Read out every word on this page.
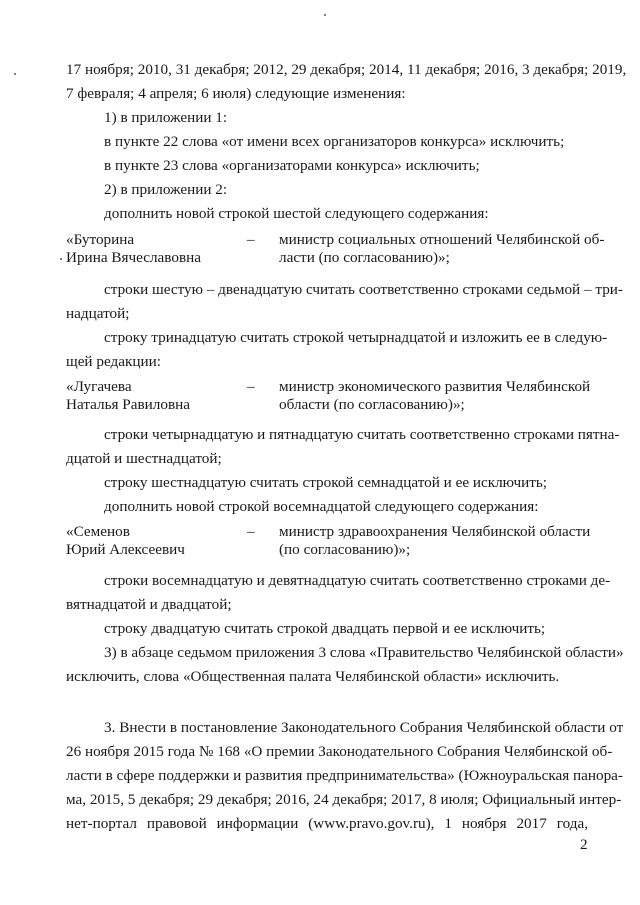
17 ноября; 2010, 31 декабря; 2012, 29 декабря; 2014, 11 декабря; 2016, 3 декабря; 2019,
7 февраля; 4 апреля; 6 июля) следующие изменения:
1) в приложении 1:
в пункте 22 слова «от имени всех организаторов конкурса» исключить;
в пункте 23 слова «организаторами конкурса» исключить;
2) в приложении 2:
дополнить новой строкой шестой следующего содержания:
«Буторина
Ирина Вячеславовна
– министр социальных отношений Челябинской об-
ласти (по согласованию)»;
строки шестую – двенадцатую считать соответственно строками седьмой – три-
надцатой;
строку тринадцатую считать строкой четырнадцатой и изложить ее в следую-
щей редакции:
«Лугачева
Наталья Равиловна
– министр экономического развития Челябинской
области (по согласованию)»;
строки четырнадцатую и пятнадцатую считать соответственно строками пятна-
дцатой и шестнадцатой;
строку шестнадцатую считать строкой семнадцатой и ее исключить;
дополнить новой строкой восемнадцатой следующего содержания:
«Семенов
Юрий Алексеевич
– министр здравоохранения Челябинской области
(по согласованию)»;
строки восемнадцатую и девятнадцатую считать соответственно строками де-
вятнадцатой и двадцатой;
строку двадцатую считать строкой двадцать первой и ее исключить;
3) в абзаце седьмом приложения 3 слова «Правительство Челябинской области»
исключить, слова «Общественная палата Челябинской области» исключить.
3. Внести в постановление Законодательного Собрания Челябинской области от
26 ноября 2015 года № 168 «О премии Законодательного Собрания Челябинской об-
ласти в сфере поддержки и развития предпринимательства» (Южноуральская панора-
ма, 2015, 5 декабря; 29 декабря; 2016, 24 декабря; 2017, 8 июля; Официальный интер-
нет-портал правовой информации (www.pravo.gov.ru), 1 ноября 2017 года,
2
